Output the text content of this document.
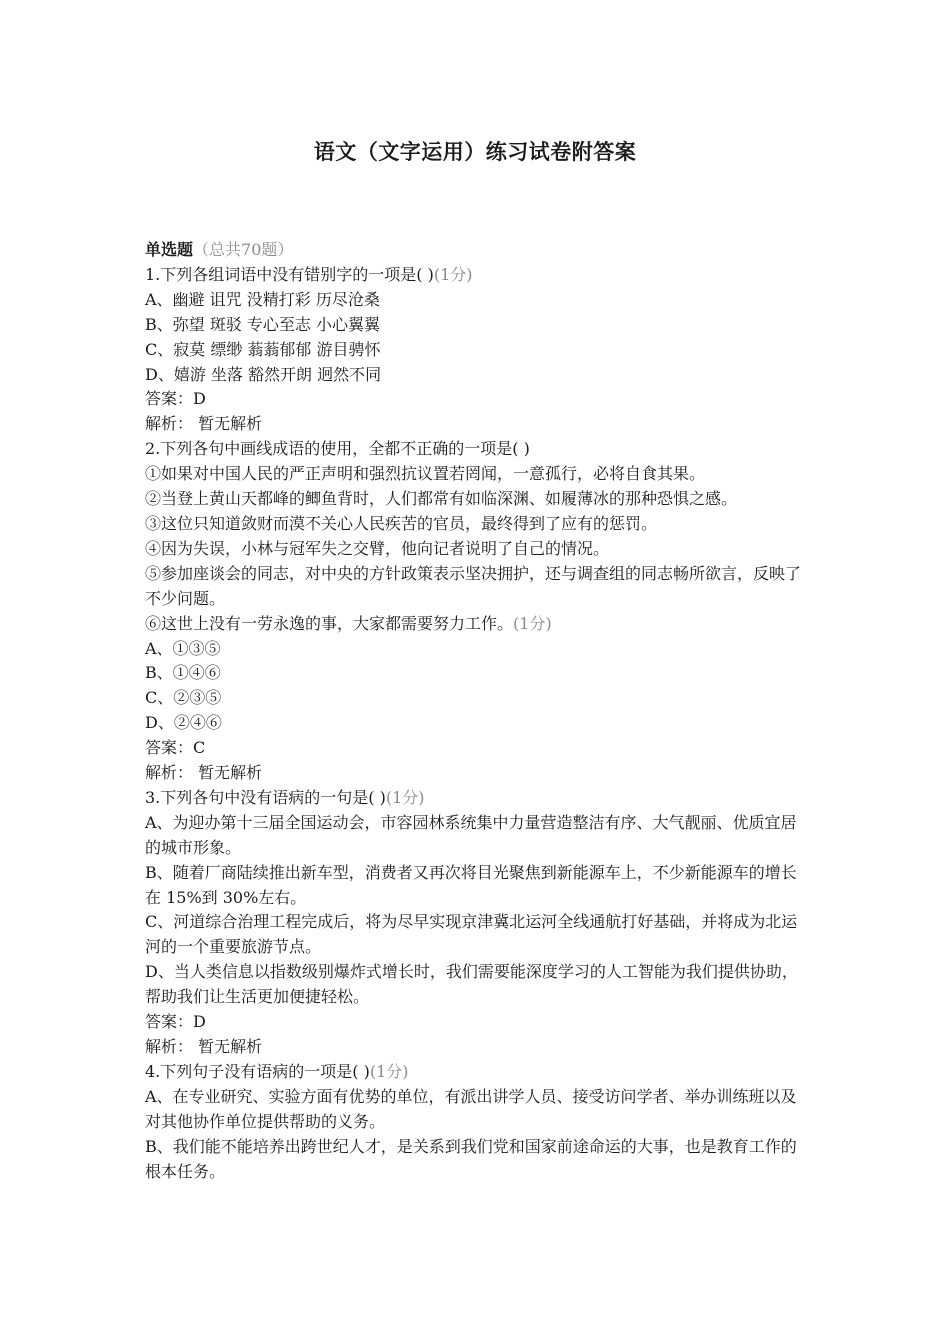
语文（文字运用）练习试卷附答案

单选题（总共70题）

1.下列各组词语中没有错别字的一项是( )(1分)

A、幽避 诅咒 没精打彩 历尽沧桑

B、弥望 斑驳 专心至志 小心翼翼

C、寂莫 缥缈 蓊蓊郁郁 游目骋怀

D、嬉游 坐落 豁然开朗 迥然不同

答案：D

解析： 暂无解析

2.下列各句中画线成语的使用，全都不正确的一项是( )

①如果对中国人民的严正声明和强烈抗议置若罔闻，一意孤行，必将自食其果。

②当登上黄山天都峰的鲫鱼背时，人们都常有如临深渊、如履薄冰的那种恐惧之感。

③这位只知道敛财而漠不关心人民疾苦的官员，最终得到了应有的惩罚。

④因为失误，小林与冠军失之交臂，他向记者说明了自己的情况。

⑤参加座谈会的同志，对中央的方针政策表示坚决拥护，还与调查组的同志畅所欲言，反映了不少问题。

⑥这世上没有一劳永逸的事，大家都需要努力工作。(1分)

A、①③⑤

B、①④⑥

C、②③⑤

D、②④⑥

答案：C

解析： 暂无解析

3.下列各句中没有语病的一句是( )(1分)

A、为迎办第十三届全国运动会，市容园林系统集中力量营造整洁有序、大气靓丽、优质宜居的城市形象。

B、随着厂商陆续推出新车型，消费者又再次将目光聚焦到新能源车上，不少新能源车的增长在 15%到 30%左右。

C、河道综合治理工程完成后，将为尽早实现京津冀北运河全线通航打好基础，并将成为北运河的一个重要旅游节点。

D、当人类信息以指数级别爆炸式增长时，我们需要能深度学习的人工智能为我们提供协助，帮助我们让生活更加便捷轻松。

答案：D

解析： 暂无解析

4.下列句子没有语病的一项是( )(1分)

A、在专业研究、实验方面有优势的单位，有派出讲学人员、接受访问学者、举办训练班以及对其他协作单位提供帮助的义务。

B、我们能不能培养出跨世纪人才，是关系到我们党和国家前途命运的大事，也是教育工作的根本任务。
